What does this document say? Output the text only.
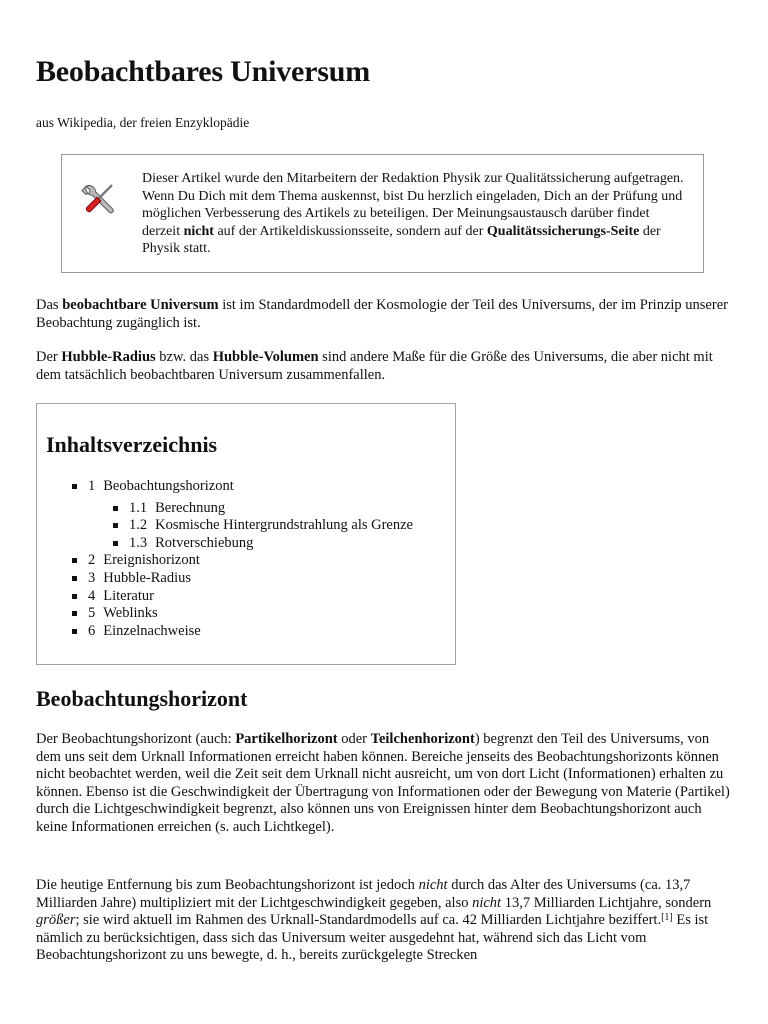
Beobachtbares Universum
aus Wikipedia, der freien Enzyklopädie
Dieser Artikel wurde den Mitarbeitern der Redaktion Physik zur Qualitätssicherung aufgetragen. Wenn Du Dich mit dem Thema auskennst, bist Du herzlich eingeladen, Dich an der Prüfung und möglichen Verbesserung des Artikels zu beteiligen. Der Meinungsaustausch darüber findet derzeit nicht auf der Artikeldiskussionsseite, sondern auf der Qualitätssicherungs-Seite der Physik statt.
Das beobachtbare Universum ist im Standardmodell der Kosmologie der Teil des Universums, der im Prinzip unserer Beobachtung zugänglich ist.
Der Hubble-Radius bzw. das Hubble-Volumen sind andere Maße für die Größe des Universums, die aber nicht mit dem tatsächlich beobachtbaren Universum zusammenfallen.
Inhaltsverzeichnis
1 Beobachtungshorizont
1.1 Berechnung
1.2 Kosmische Hintergrundstrahlung als Grenze
1.3 Rotverschiebung
2 Ereignishorizont
3 Hubble-Radius
4 Literatur
5 Weblinks
6 Einzelnachweise
Beobachtungshorizont
Der Beobachtungshorizont (auch: Partikelhorizont oder Teilchenhorizont) begrenzt den Teil des Universums, von dem uns seit dem Urknall Informationen erreicht haben können. Bereiche jenseits des Beobachtungshorizonts können nicht beobachtet werden, weil die Zeit seit dem Urknall nicht ausreicht, um von dort Licht (Informationen) erhalten zu können. Ebenso ist die Geschwindigkeit der Übertragung von Informationen oder der Bewegung von Materie (Partikel) durch die Lichtgeschwindigkeit begrenzt, also können uns von Ereignissen hinter dem Beobachtungshorizont auch keine Informationen erreichen (s. auch Lichtkegel).
Die heutige Entfernung bis zum Beobachtungshorizont ist jedoch nicht durch das Alter des Universums (ca. 13,7 Milliarden Jahre) multipliziert mit der Lichtgeschwindigkeit gegeben, also nicht 13,7 Milliarden Lichtjahre, sondern größer; sie wird aktuell im Rahmen des Urknall-Standardmodells auf ca. 42 Milliarden Lichtjahre beziffert.[1] Es ist nämlich zu berücksichtigen, dass sich das Universum weiter ausgedehnt hat, während sich das Licht vom Beobachtungshorizont zu uns bewegte, d. h., bereits zurückgelegte Strecken
